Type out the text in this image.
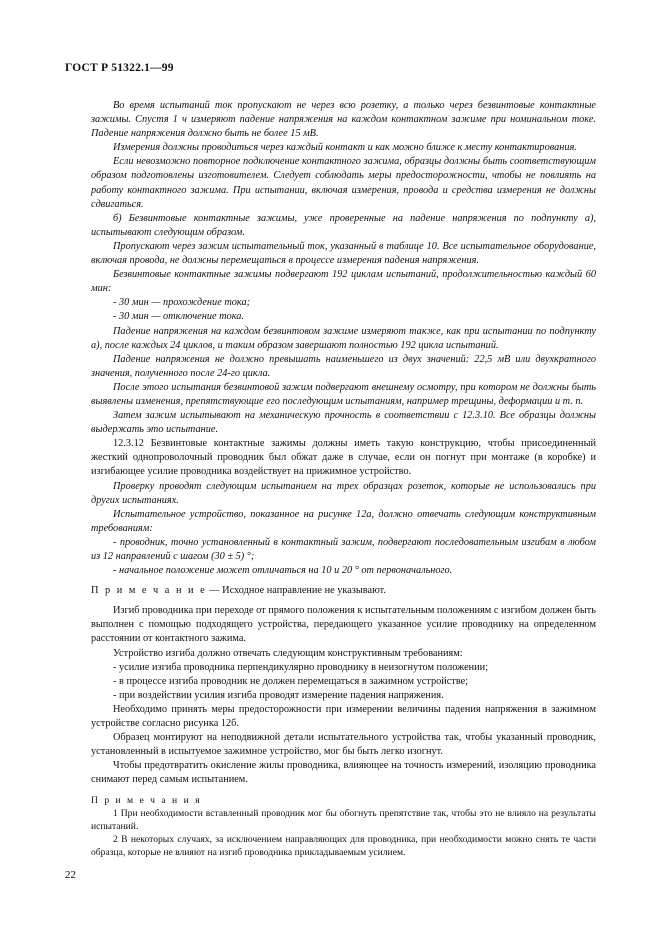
ГОСТ Р 51322.1—99

Во время испытаний ток пропускают не через всю розетку, а только через безвинтовые контактные зажимы. Спустя 1 ч измеряют падение напряжения на каждом контактном зажиме при номинальном токе. Падение напряжения должно быть не более 15 мВ.

Измерения должны проводиться через каждый контакт и как можно ближе к месту контактирования.

Если невозможно повторное подключение контактного зажима, образцы должны быть соответствующим образом подготовлены изготовителем. Следует соблюдать меры предосторожности, чтобы не повлиять на работу контактного зажима. При испытании, включая измерения, провода и средства измерения не должны сдвигаться.

б) Безвинтовые контактные зажимы, уже проверенные на падение напряжения по подпункту а), испытывают следующим образом.

Пропускают через зажим испытательный ток, указанный в таблице 10. Все испытательное оборудование, включая провода, не должны перемещаться в процессе измерения падения напряжения.

Безвинтовые контактные зажимы подвергают 192 циклам испытаний, продолжительностью каждый 60 мин:

- 30 мин — прохождение тока;

- 30 мин — отключение тока.

Падение напряжения на каждом безвинтовом зажиме измеряют также, как при испытании по подпункту а), после каждых 24 циклов, и таким образом завершают полностью 192 цикла испытаний.

Падение напряжения не должно превышать наименьшего из двух значений: 22,5 мВ или двухкратного значения, полученного после 24-го цикла.

После этого испытания безвинтовой зажим подвергают внешнему осмотру, при котором не должны быть выявлены изменения, препятствующие его последующим испытаниям, например трещины, деформации и т. п.

Затем зажим испытывают на механическую прочность в соответствии с 12.3.10. Все образцы должны выдержать это испытание.

12.3.12 Безвинтовые контактные зажимы должны иметь такую конструкцию, чтобы присоединенный жесткий однопроволочный проводник был обжат даже в случае, если он погнут при монтаже (в коробке) и изгибающее усилие проводника воздействует на прижимное устройство.

Проверку проводят следующим испытанием на трех образцах розеток, которые не использовались при других испытаниях.

Испытательное устройство, показанное на рисунке 12а, должно отвечать следующим конструктивным требованиям:

- проводник, точно установленный в контактный зажим, подвергают последовательным изгибам в любом из 12 направлений с шагом (30 ± 5) °;

- начальное положение может отличаться на 10 и 20 ° от первоначального.

П р и м е ч а н и е — Исходное направление не указывают.

Изгиб проводника при переходе от прямого положения к испытательным положениям с изгибом должен быть выполнен с помощью подходящего устройства, передающего указанное усилие проводнику на определенном расстоянии от контактного зажима.

Устройство изгиба должно отвечать следующим конструктивным требованиям:

- усилие изгиба проводника перпендикулярно проводнику в неизогнутом положении;

- в процессе изгиба проводник не должен перемещаться в зажимном устройстве;

- при воздействии усилия изгиба проводят измерение падения напряжения.

Необходимо принять меры предосторожности при измерении величины падения напряжения в зажимном устройстве согласно рисунка 12б.

Образец монтируют на неподвижной детали испытательного устройства так, чтобы указанный проводник, установленный в испытуемое зажимное устройство, мог бы быть легко изогнут.

Чтобы предотвратить окисление жилы проводника, влияющее на точность измерений, изоляцию проводника снимают перед самым испытанием.

П р и м е ч а н и я

1 При необходимости вставленный проводник мог бы обогнуть препятствие так, чтобы это не влияло на результаты испытаний.

2 В некоторых случаях, за исключением направляющих для проводника, при необходимости можно снять те части образца, которые не влияют на изгиб проводника прикладываемым усилием.

22
